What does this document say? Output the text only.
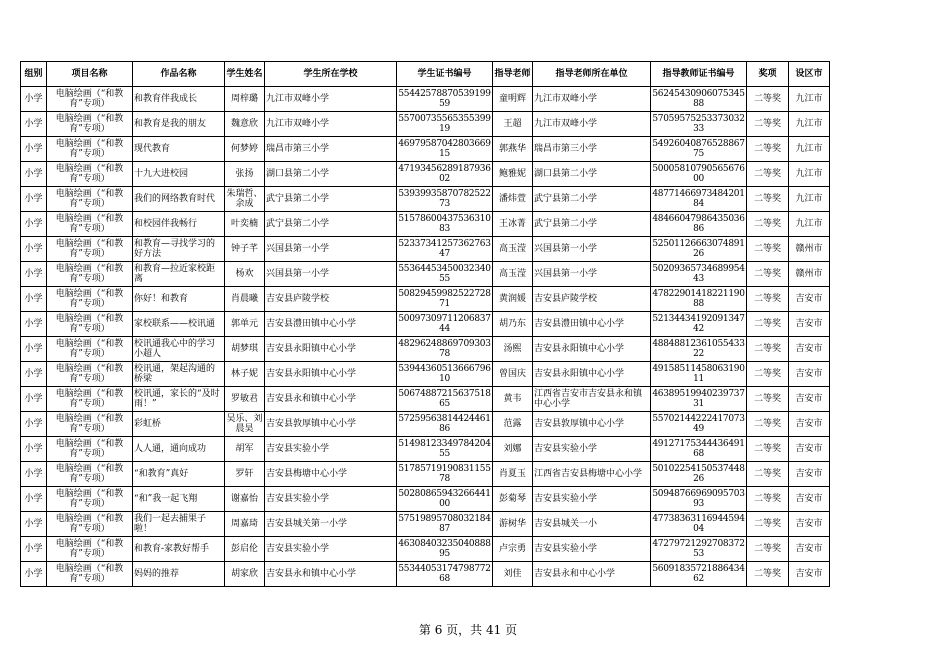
组别	项目名称	作品名称	学生姓名	学生所在学校	学生证书编号	指导老师	指导老师所在单位	指导教师证书编号	奖项	设区市
小学	电脑绘画（“和教育”专项）	和教育伴我成长	周梓璐	九江市双峰小学	5544257887053919959	童明辉	九江市双峰小学	5624543090607534588	二等奖	九江市
小学	电脑绘画（“和教育”专项）	和教育是我的朋友	魏意欣	九江市双峰小学	5570073556535539919	王超	九江市双峰小学	5705957525337303233	二等奖	九江市
小学	电脑绘画（“和教育”专项）	现代教育	何梦婷	瑞昌市第三小学	4697958704280366915	郭燕华	瑞昌市第三小学	5492604087652886775	二等奖	九江市
小学	电脑绘画（“和教育”专项）	十九大进校园	张扬	湖口县第二小学	4719345628918793602	鲍雅妮	湖口县第二小学	5000581079056567600	二等奖	九江市
小学	电脑绘画（“和教育”专项）	我们的网络教育时代	朱瑞哲、余成	武宁县第二小学	5393993587078252273	潘炜萱	武宁县第二小学	4877146697348420184	二等奖	九江市
小学	电脑绘画（“和教育”专项）	和校园伴我畅行	叶奕楠	武宁县第二小学	5157860043753631083	王冰菁	武宁县第二小学	4846604798643503686	二等奖	九江市
小学	电脑绘画（“和教育”专项）	和教育—寻找学习的好方法	钟子芊	兴国县第一小学	5233734125736276347	高玉滢	兴国县第一小学	5250112666307489126	二等奖	赣州市
小学	电脑绘画（“和教育”专项）	和教育—拉近家校距离	杨欢	兴国县第一小学	5536445345003234055	高玉滢	兴国县第一小学	5020936573468995443	二等奖	赣州市
小学	电脑绘画（“和教育”专项）	你好！和教育	肖晨曦	吉安县庐陵学校	5082945998252272871	黄润媛	吉安县庐陵学校	4782290141822119088	二等奖	吉安市
小学	电脑绘画（“和教育”专项）	家校联系——校讯通	郭单元	吉安县澧田镇中心小学	5009730971120683744	胡乃东	吉安县澧田镇中心小学	5213443419209134742	二等奖	吉安市
小学	电脑绘画（“和教育”专项）	校讯通我心中的学习小超人	胡梦琪	吉安县永阳镇中心小学	4829624886970930378	汤熙	吉安县永阳镇中心小学	4884881236105543322	二等奖	吉安市
小学	电脑绘画（“和教育”专项）	校讯通，架起沟通的桥梁	林子妮	吉安县永阳镇中心小学	5394436051366679610	曾国庆	吉安县永阳镇中心小学	4915851145806319011	二等奖	吉安市
小学	电脑绘画（“和教育”专项）	校讯通，家长的“及时雨！”	罗敏君	吉安县永和镇中心小学	5067488721563751865	黄韦	江西省吉安市吉安县永和镇中心小学	4638951994023973731	二等奖	吉安市
小学	电脑绘画（“和教育”专项）	彩虹桥	吴乐、刘晨昊	吉安县敦厚镇中心小学	5725956381442446186	范露	吉安县敦厚镇中心小学	5570214422241707349	二等奖	吉安市
小学	电脑绘画（“和教育”专项）	人人通，通向成功	胡军	吉安县实验小学	5149812334978420455	刘娜	吉安县实验小学	4912717534443649168	二等奖	吉安市
小学	电脑绘画（“和教育”专项）	“和教育”真好	罗轩	吉安县梅塘中心小学	5178571919083115578	肖夏玉	江西省吉安县梅塘中心小学	5010225415053744826	二等奖	吉安市
小学	电脑绘画（“和教育”专项）	“和”我一起飞翔	谢嘉怡	吉安县实验小学	5028086594326644100	彭菊琴	吉安县实验小学	5094876696909570393	二等奖	吉安市
小学	电脑绘画（“和教育”专项）	我们一起去捕果子啦！	周嘉琦	吉安县城关第一小学	5751989570803218487	游树华	吉安县城关一小	4773836311694459404	二等奖	吉安市
小学	电脑绘画（“和教育”专项）	和教育-家教好帮手	彭启伦	吉安县实验小学	4630840323504088895	卢宗勇	吉安县实验小学	4727972129270837253	二等奖	吉安市
小学	电脑绘画（“和教育”专项）	妈妈的推荐	胡家欣	吉安县永和镇中心小学	5534405317479877268	刘佳	吉安县永和中心小学	5609183572188643462	二等奖	吉安市
第 6 页，共 41 页
